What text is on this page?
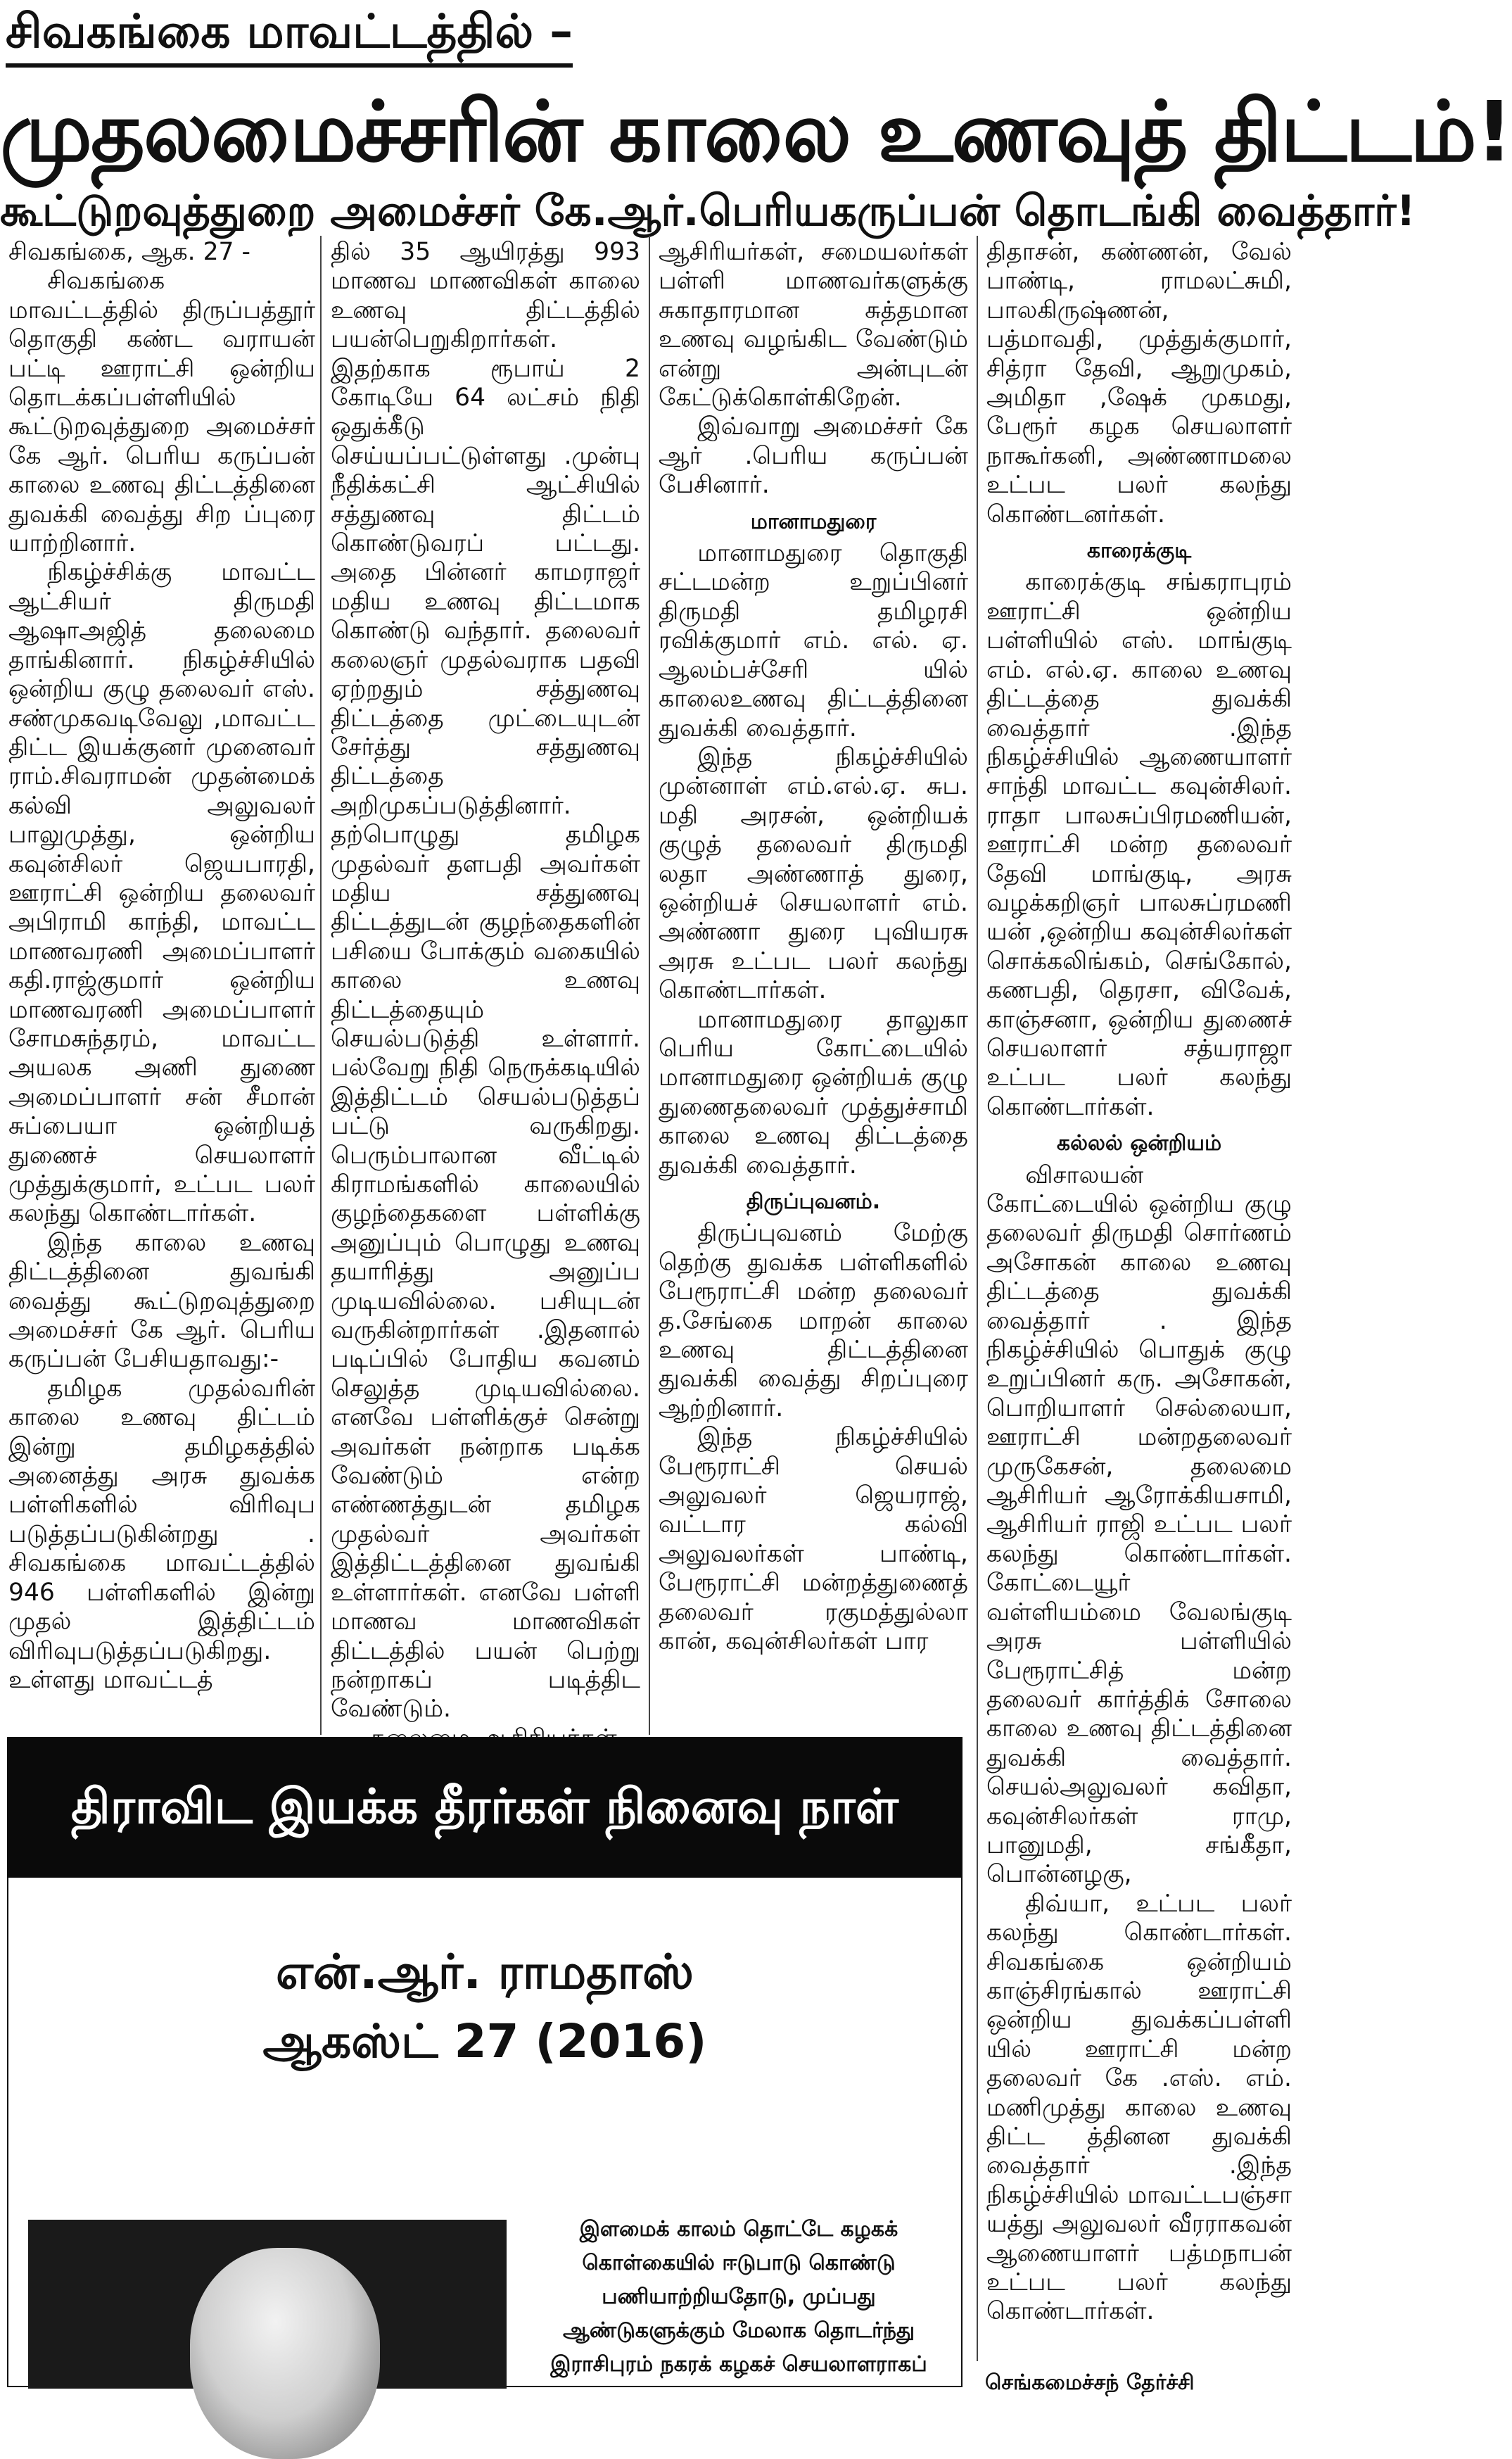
சிவகங்கை மாவட்டத்தில் –
முதலமைச்சரின் காலை உணவுத் திட்டம்!
கூட்டுறவுத்துறை அமைச்சர் கே.ஆர்.பெரியகருப்பன் தொடங்கி வைத்தார்!

சிவகங்கை, ஆக. 27 -

சிவகங்கை மாவட்டத்தில் திருப்பத்தூர் தொகுதி கண்ட வராயன் பட்டி ஊராட்சி ஒன்றிய தொடக்கப்பள்ளியில் கூட்டுறவுத்துறை அமைச்சர் கே ஆர். பெரிய கருப்பன் காலை உணவு திட்டத்தினை துவக்கி வைத்து சிற ப்புரை யாற்றினார்.

நிகழ்ச்சிக்கு மாவட்ட ஆட்சியர் திருமதி ஆஷாஅஜித் தலைமை தாங்கினார். நிகழ்ச்சியில் ஒன்றிய குழு தலைவர் எஸ். சண்முகவடிவேலு ,மாவட்ட திட்ட இயக்குனர் முனைவர் ராம்.சிவராமன் முதன்மைக் கல்வி அலுவலர் பாலுமுத்து, ஒன்றிய கவுன்சிலர் ஜெயபாரதி, ஊராட்சி ஒன்றிய தலைவர் அபிராமி காந்தி, மாவட்ட மாணவரணி அமைப்பாளர் கதி.ராஜ்குமார் ஒன்றிய மாணவரணி அமைப்பாளர் சோமசுந்தரம், மாவட்ட அயலக அணி துணை அமைப்பாளர் சன் சீமான் சுப்பையா ஒன்றியத் துணைச் செயலாளர் முத்துக்குமார், உட்பட பலர் கலந்து கொண்டார்கள்.

இந்த காலை உணவு திட்டத்தினை துவங்கி வைத்து கூட்டுறவுத்துறை அமைச்சர் கே ஆர். பெரிய கருப்பன் பேசியதாவது:-

தமிழக முதல்வரின் காலை உணவு திட்டம் இன்று தமிழகத்தில் அனைத்து அரசு துவக்க பள்ளிகளில் விரிவுப படுத்தப்படுகின்றது . சிவகங்கை மாவட்டத்தில் 946 பள்ளிகளில் இன்று முதல் இத்திட்டம் விரிவுபடுத்தப்படுகிறது. உள்ளது மாவட்டத்

தில் 35 ஆயிரத்து 993 மாணவ மாணவிகள் காலை உணவு திட்டத்தில் பயன்பெறுகிறார்கள். இதற்காக ரூபாய் 2 கோடியே 64 லட்சம் நிதி ஒதுக்கீடு செய்யப்பட்டுள்ளது .முன்பு நீதிக்கட்சி ஆட்சியில் சத்துணவு திட்டம் கொண்டுவரப் பட்டது. அதை பின்னர் காமராஜர் மதிய உணவு திட்டமாக கொண்டு வந்தார். தலைவர் கலைஞர் முதல்வராக பதவி ஏற்றதும் சத்துணவு திட்டத்தை முட்டையுடன் சேர்த்து சத்துணவு திட்டத்தை அறிமுகப்படுத்தினார். தற்பொழுது தமிழக முதல்வர் தளபதி அவர்கள் மதிய சத்துணவு திட்டத்துடன் குழந்தைகளின் பசியை போக்கும் வகையில் காலை உணவு திட்டத்தையும் செயல்படுத்தி உள்ளார். பல்வேறு நிதி நெருக்கடியில் இத்திட்டம் செயல்படுத்தப் பட்டு வருகிறது. பெரும்பாலான வீட்டில் கிராமங்களில் காலையில் குழந்தைகளை பள்ளிக்கு அனுப்பும் பொழுது உணவு தயாரித்து அனுப்ப முடியவில்லை. பசியுடன் வருகின்றார்கள் .இதனால் படிப்பில் போதிய கவனம் செலுத்த முடியவில்லை. எனவே பள்ளிக்குச் சென்று அவர்கள் நன்றாக படிக்க வேண்டும் என்ற எண்ணத்துடன் தமிழக முதல்வர் அவர்கள் இத்திட்டத்தினை துவங்கி உள்ளார்கள். எனவே பள்ளி மாணவ மாணவிகள் திட்டத்தில் பயன் பெற்று நன்றாகப் படித்திட வேண்டும்.

ஆசிரியர்கள், சமையலர்கள் பள்ளி மாணவர்களுக்கு சுகாதாரமான சுத்தமான உணவு வழங்கிட வேண்டும் என்று அன்புடன் கேட்டுக்கொள்கிறேன்.

இவ்வாறு அமைச்சர் கே ஆர் .பெரிய கருப்பன் பேசினார்.

மானாமதுரை

மானாமதுரை தொகுதி சட்டமன்ற உறுப்பினர் திருமதி தமிழரசி ரவிக்குமார் எம். எல். ஏ. ஆலம்பச்சேரி யில் காலைஉணவு திட்டத்தினை துவக்கி வைத்தார்.

இந்த நிகழ்ச்சியில் முன்னாள் எம்.எல்.ஏ. சுப. மதி அரசன், ஒன்றியக் குழுத் தலைவர் திருமதி லதா அண்ணாத் துரை, ஒன்றியச் செயலாளர் எம். அண்ணா துரை புவியரசு அரசு உட்பட பலர் கலந்து கொண்டார்கள்.

மானாமதுரை தாலுகா பெரிய கோட்டையில் மானாமதுரை ஒன்றியக் குழு துணைதலைவர் முத்துச்சாமி காலை உணவு திட்டத்தை துவக்கி வைத்தார்.

திருப்புவனம்.

திருப்புவனம் மேற்கு தெற்கு துவக்க பள்ளிகளில் பேரூராட்சி மன்ற தலைவர் த.சேங்கை மாறன் காலை உணவு திட்டத்தினை துவக்கி வைத்து சிறப்புரை ஆற்றினார்.

இந்த நிகழ்ச்சியில் பேரூராட்சி செயல் அலுவலர் ஜெயராஜ், வட்டார கல்வி அலுவலர்கள் பாண்டி, பேரூராட்சி மன்றத்துணைத் தலைவர் ரகுமத்துல்லா கான், கவுன்சிலர்கள் பார

திதாசன், கண்ணன், வேல் பாண்டி, ராமலட்சுமி, பாலகிருஷ்ணன், பத்மாவதி, முத்துக்குமார், சித்ரா தேவி, ஆறுமுகம், அமிதா ,ஷேக் முகமது, பேரூர் கழக செயலாளர் நாகூர்கனி, அண்ணாமலை உட்பட பலர் கலந்து கொண்டனர்கள்.

காரைக்குடி

காரைக்குடி சங்கராபுரம் ஊராட்சி ஒன்றிய பள்ளியில் எஸ். மாங்குடி எம். எல்.ஏ. காலை உணவு திட்டத்தை துவக்கி வைத்தார் .இந்த நிகழ்ச்சியில் ஆணையாளர் சாந்தி மாவட்ட கவுன்சிலர். ராதா பாலசுப்பிரமணியன், ஊராட்சி மன்ற தலைவர் தேவி மாங்குடி, அரசு வழக்கறிஞர் பாலசுப்ரமணி யன் ,ஒன்றிய கவுன்சிலர்கள் சொக்கலிங்கம், செங்கோல், கணபதி, தெரசா, விவேக், காஞ்சனா, ஒன்றிய துணைச் செயலாளர் சத்யராஜா உட்பட பலர் கலந்து கொண்டார்கள்.

கல்லல் ஒன்றியம்

விசாலயன் கோட்டையில் ஒன்றிய குழு தலைவர் திருமதி சொர்ணம் அசோகன் காலை உணவு திட்டத்தை துவக்கி வைத்தார் . இந்த நிகழ்ச்சியில் பொதுக் குழு உறுப்பினர் கரு. அசோகன், பொறியாளர் செல்லையா, ஊராட்சி மன்றதலைவர் முருகேசன், தலைமை ஆசிரியர் ஆரோக்கியசாமி, ஆசிரியர் ராஜி உட்பட பலர் கலந்து கொண்டார்கள். கோட்டையூர் வள்ளியம்மை வேலங்குடி அரசு பள்ளியில் பேரூராட்சித் மன்ற தலைவர் கார்த்திக் சோலை காலை உணவு திட்டத்தினை துவக்கி வைத்தார். செயல்அலுவலர் கவிதா, கவுன்சிலர்கள் ராமு, பானுமதி, சங்கீதா, பொன்னழகு,

திவ்யா, உட்பட பலர் கலந்து கொண்டார்கள். சிவகங்கை ஒன்றியம் காஞ்சிரங்கால் ஊராட்சி ஒன்றிய துவக்கப்பள்ளி யில் ஊராட்சி மன்ற தலைவர் கே .எஸ். எம். மணிமுத்து காலை உணவு திட்ட த்தினன துவக்கி வைத்தார் .இந்த நிகழ்ச்சியில் மாவட்டபஞ்சா யத்து அலுவலர் வீரராகவன் ஆணையாளர் பத்மநாபன் உட்பட பலர் கலந்து கொண்டார்கள்.

திராவிட இயக்க தீரர்கள் நினைவு நாள்
என்.ஆர். ராமதாஸ்
ஆகஸ்ட் 27 (2016)
இளமைக் காலம் தொட்டே கழகக் கொள்கையில் ஈடுபாடு கொண்டு பணியாற்றியதோடு, முப்பது ஆண்டுகளுக்கும் மேலாக தொடர்ந்து இராசிபுரம் நகரக் கழகச் செயலாளராகப்
செங்கமைச்சந் தேர்ச்சி
